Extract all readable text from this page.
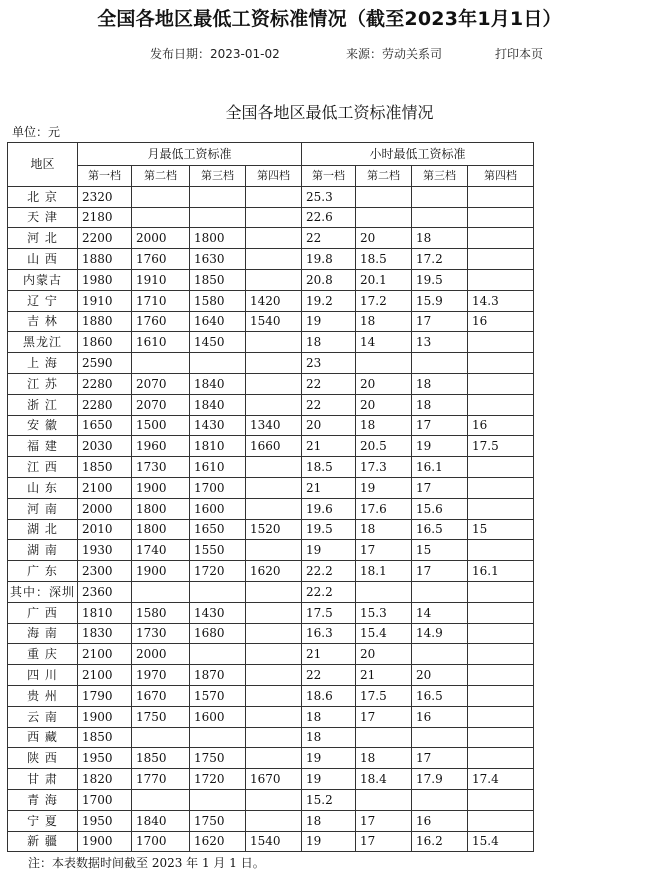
全国各地区最低工资标准情况（截至2023年1月1日）
发布日期：2023-01-02	来源：劳动关系司	打印本页
全国各地区最低工资标准情况
单位：元
地区	月最低工资标准				小时最低工资标准			
	第一档	第二档	第三档	第四档	第一档	第二档	第三档	第四档
北 京	2320				25.3			
天 津	2180				22.6			
河 北	2200	2000	1800		22	20	18	
山 西	1880	1760	1630		19.8	18.5	17.2	
内蒙古	1980	1910	1850		20.8	20.1	19.5	
辽 宁	1910	1710	1580	1420	19.2	17.2	15.9	14.3
吉 林	1880	1760	1640	1540	19	18	17	16
黑龙江	1860	1610	1450		18	14	13	
上 海	2590				23			
江 苏	2280	2070	1840		22	20	18	
浙 江	2280	2070	1840		22	20	18	
安 徽	1650	1500	1430	1340	20	18	17	16
福 建	2030	1960	1810	1660	21	20.5	19	17.5
江 西	1850	1730	1610		18.5	17.3	16.1	
山 东	2100	1900	1700		21	19	17	
河 南	2000	1800	1600		19.6	17.6	15.6	
湖 北	2010	1800	1650	1520	19.5	18	16.5	15
湖 南	1930	1740	1550		19	17	15	
广 东	2300	1900	1720	1620	22.2	18.1	17	16.1
其中：深圳	2360				22.2			
广 西	1810	1580	1430		17.5	15.3	14	
海 南	1830	1730	1680		16.3	15.4	14.9	
重 庆	2100	2000			21	20		
四 川	2100	1970	1870		22	21	20	
贵 州	1790	1670	1570		18.6	17.5	16.5	
云 南	1900	1750	1600		18	17	16	
西 藏	1850				18			
陕 西	1950	1850	1750		19	18	17	
甘 肃	1820	1770	1720	1670	19	18.4	17.9	17.4
青 海	1700				15.2			
宁 夏	1950	1840	1750		18	17	16	
新 疆	1900	1700	1620	1540	19	17	16.2	15.4
注：本表数据时间截至 2023 年 1 月 1 日。
